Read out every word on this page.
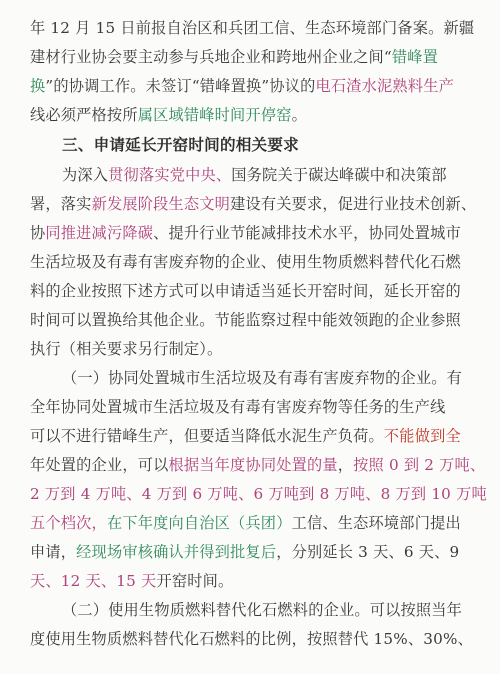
年 12 月 15 日前报自治区和兵团工信、生态环境部门备案。新疆
建材行业协会要主动参与兵地企业和跨地州企业之间“错峰置
换”的协调工作。未签订“错峰置换”协议的电石渣水泥熟料生产
线必须严格按所属区域错峰时间开停窑。
三、申请延长开窑时间的相关要求
为深入贯彻落实党中央、国务院关于碳达峰碳中和决策部
署，落实新发展阶段生态文明建设有关要求，促进行业技术创新、
协同推进减污降碳、提升行业节能减排技术水平，协同处置城市
生活垃圾及有毒有害废弃物的企业、使用生物质燃料替代化石燃
料的企业按照下述方式可以申请适当延长开窑时间，延长开窑的
时间可以置换给其他企业。节能监察过程中能效领跑的企业参照
执行（相关要求另行制定）。
（一）协同处置城市生活垃圾及有毒有害废弃物的企业。有
全年协同处置城市生活垃圾及有毒有害废弃物等任务的生产线
可以不进行错峰生产，但要适当降低水泥生产负荷。不能做到全
年处置的企业，可以根据当年度协同处置的量，按照 0 到 2 万吨、
2 万到 4 万吨、4 万到 6 万吨、6 万吨到 8 万吨、8 万到 10 万吨
五个档次，在下年度向自治区（兵团）工信、生态环境部门提出
申请，经现场审核确认并得到批复后，分别延长 3 天、6 天、9
天、12 天、15 天开窑时间。
（二）使用生物质燃料替代化石燃料的企业。可以按照当年
度使用生物质燃料替代化石燃料的比例，按照替代 15%、30%、
